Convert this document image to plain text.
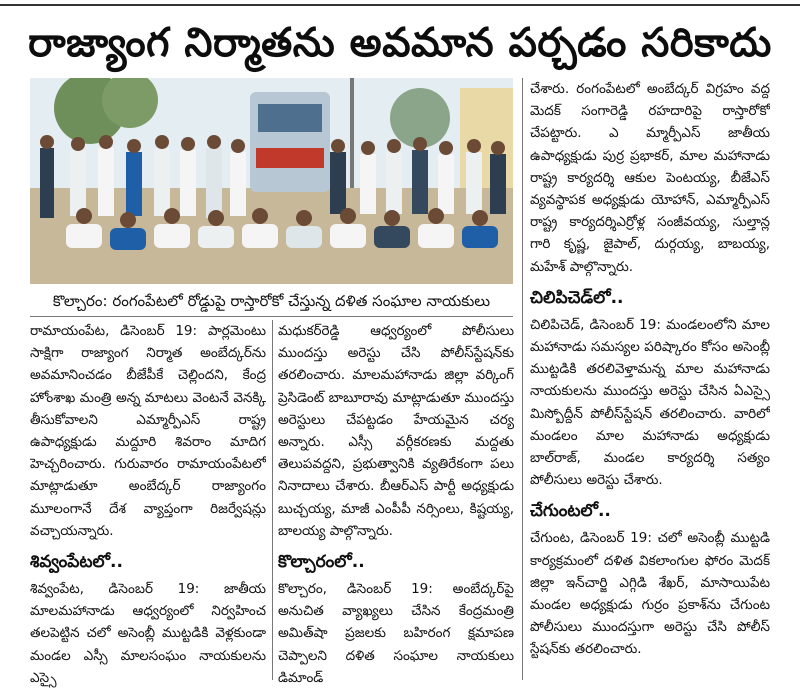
రాజ్యాంగ నిర్మాతను అవమాన పర్చడం సరికాదు
కొల్చారం: రంగంపేటలో రోడ్డుపై రాస్తారోకో చేస్తున్న దళిత సంఘాల నాయకులు

రామాయంపేట, డిసెంబర్ 19: పార్లమెంటు సాక్షిగా రాజ్యాంగ నిర్మాత అంబేద్కర్‌ను అవమానించడం బీజేపీకే చెల్లిందని, కేంద్ర హోంశాఖ మంత్రి అన్న మాటలు వెంటనే వెనక్కి తీసుకోవాలని ఎమ్మార్పీఎస్ రాష్ట్ర ఉపాధ్యక్షుడు మద్దూరి శివరాం మాదిగ హెచ్చరించారు. గురువారం రామాయంపేటలో మాట్లాడుతూ అంబేద్కర్ రాజ్యాంగం మూలంగానే దేశ వ్యాప్తంగా రిజర్వేషన్లు వచ్చాయన్నారు.

శివ్వంపేటలో..

శివ్వంపేట, డిసెంబర్ 19: జాతీయ మాలమహానాడు ఆధ్వర్యంలో నిర్వహించ తలపెట్టిన చలో అసెంబ్లీ ముట్టడికి వెళ్లకుండా మండల ఎస్సీ మాలసంఘం నాయకులను ఎస్సై

మధుకర్‌రెడ్డి ఆధ్వర్యంలో పోలీసులు ముందస్తు అరెస్టు చేసి పోలీస్‌స్టేషన్‌కు తరలించారు. మాలమహానాడు జిల్లా వర్కింగ్ ప్రెసిడెంట్ బాబూరావు మాట్లాడుతూ ముందస్తు అరెస్టులు చేపట్టడం హేయమైన చర్య అన్నారు. ఎస్సీ వర్గీకరణకు మద్దతు తెలుపవద్దని, ప్రభుత్వానికి వ్యతిరేకంగా పలు నినాదాలు చేశారు. బీఆర్ఎస్ పార్టీ అధ్యక్షుడు బుచ్చయ్య, మాజీ ఎంపీపీ నర్సింలు, కిష్టయ్య, బాలయ్య పాల్గొన్నారు.

కొల్చారంలో..

కొల్చారం, డిసెంబర్ 19: అంబేద్కర్‌పై అనుచిత వ్యాఖ్యలు చేసిన కేంద్రమంత్రి అమిత్‌షా ప్రజలకు బహిరంగ క్షమాపణ చెప్పాలని దళిత సంఘాల నాయకులు డిమాండ్

చేశారు. రంగంపేటలో అంబేద్కర్ విగ్రహం వద్ద మెదక్ సంగారెడ్డి రహదారిపై రాస్తారోకో చేపట్టారు. ఎ మ్మార్పీఎస్ జాతీయ ఉపాధ్యక్షుడు పుర్ర ప్రభాకర్, మాల మహానాడు రాష్ట్ర కార్యదర్శి ఆకుల పెంటయ్య, బీజేఎస్ వ్యవస్థాపక అధ్యక్షుడు యోహాన్, ఎమ్మార్పీఎస్ రాష్ట్ర కార్యదర్శిఎర్రోళ్ల సంజీవయ్య, సుల్తాన్ల గారి కృష్ణ, జైపాల్, దుర్గయ్య, బాబయ్య, మహేశ్ పాల్గొన్నారు.

చిలిపిచెడ్‌లో..

చిలిపిచెడ్, డిసెంబర్ 19: మండలంలోని మాల మహానాడు సమస్యల పరిష్కారం కోసం అసెంబ్లీ ముట్టడికి తరలివెళ్తామన్న మాల మహానాడు నాయకులను ముందస్తు అరెస్టు చేసిన ఏఎస్సై మిస్బోద్దీన్ పోలీస్‌స్టేషన్ తరలించారు. వారిలో మండలం మాల మహానాడు అధ్యక్షుడు బాల్‌రాజ్, మండల కార్యదర్శి సత్యం పోలీసులు అరెస్టు చేశారు.

చేగుంటలో..

చేగుంట, డిసెంబర్ 19: చలో అసెంబ్లీ ముట్టడి కార్యక్రమంలో దళిత వికలాంగుల ఫోరం మెదక్ జిల్లా ఇన్‌చార్జి ఎగ్గిడి శేఖర్, మాసాయిపేట మండల అధ్యక్షుడు గుర్రం ప్రకాశ్‌ను చేగుంట పోలీసులు ముందస్తుగా అరెస్టు చేసి పోలీస్ స్టేషన్‌కు తరలించారు.
